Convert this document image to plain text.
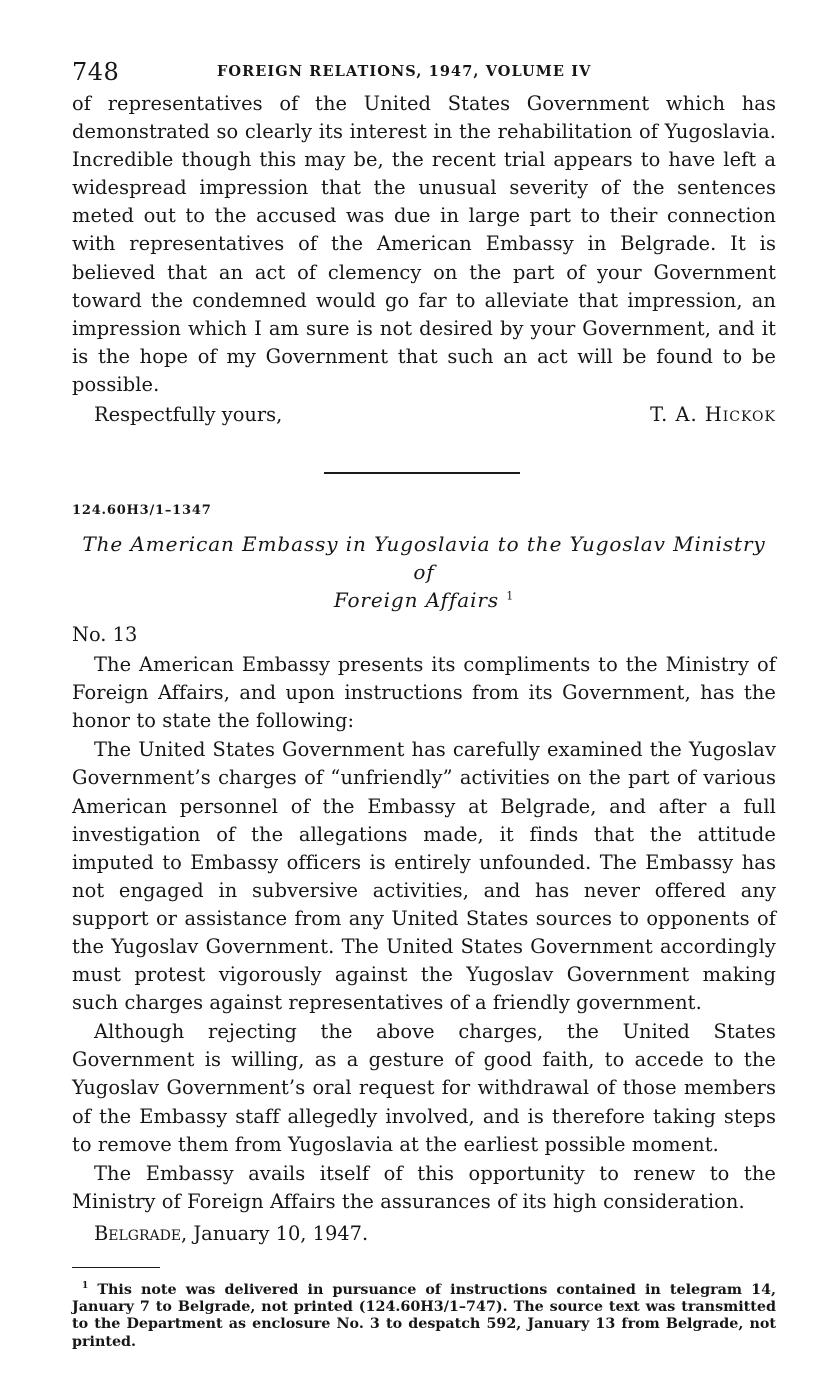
748	FOREIGN RELATIONS, 1947, VOLUME IV

of representatives of the United States Government which has demonstrated so clearly its interest in the rehabilitation of Yugoslavia. Incredible though this may be, the recent trial appears to have left a widespread impression that the unusual severity of the sentences meted out to the accused was due in large part to their connection with representatives of the American Embassy in Belgrade. It is believed that an act of clemency on the part of your Government toward the condemned would go far to alleviate that impression, an impression which I am sure is not desired by your Government, and it is the hope of my Government that such an act will be found to be possible.

Respectfully yours,	T. A. Hickok
124.60H3/1–1347
The American Embassy in Yugoslavia to the Yugoslav Ministry of
Foreign Affairs $^1$
No. 13

The American Embassy presents its compliments to the Ministry of Foreign Affairs, and upon instructions from its Government, has the honor to state the following:

The United States Government has carefully examined the Yugoslav Government’s charges of “unfriendly” activities on the part of various American personnel of the Embassy at Belgrade, and after a full investigation of the allegations made, it finds that the attitude imputed to Embassy officers is entirely unfounded. The Embassy has not engaged in subversive activities, and has never offered any support or assistance from any United States sources to opponents of the Yugoslav Government. The United States Government accordingly must protest vigorously against the Yugoslav Government making such charges against representatives of a friendly government.

Although rejecting the above charges, the United States Government is willing, as a gesture of good faith, to accede to the Yugoslav Government’s oral request for withdrawal of those members of the Embassy staff allegedly involved, and is therefore taking steps to remove them from Yugoslavia at the earliest possible moment.

The Embassy avails itself of this opportunity to renew to the Ministry of Foreign Affairs the assurances of its high consideration.

Belgrade, January 10, 1947.
$^1$ This note was delivered in pursuance of instructions contained in telegram 14, January 7 to Belgrade, not printed (124.60H3/1–747). The source text was transmitted to the Department as enclosure No. 3 to despatch 592, January 13 from Belgrade, not printed.
